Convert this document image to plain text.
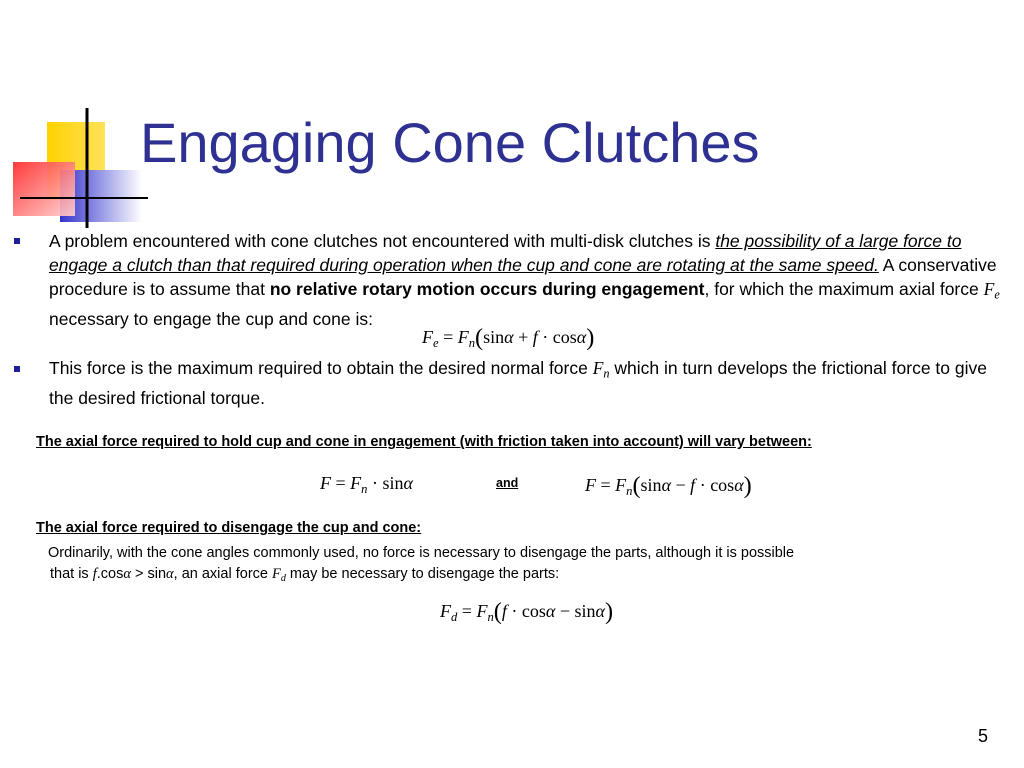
Engaging Cone Clutches
A problem encountered with cone clutches not encountered with multi-disk clutches is the possibility of a large force to engage a clutch than that required during operation when the cup and cone are rotating at the same speed. A conservative procedure is to assume that no relative rotary motion occurs during engagement, for which the maximum axial force $F_e$ necessary to engage the cup and cone is:
$F_e = F_n(\sin\alpha + f \cdot \cos\alpha)$
This force is the maximum required to obtain the desired normal force $F_n$ which in turn develops the frictional force to give the desired frictional torque.
The axial force required to hold cup and cone in engagement (with friction taken into account) will vary between:
$F = F_n \cdot \sin\alpha$	and	$F = F_n(\sin\alpha - f \cdot \cos\alpha)$
The axial force required to disengage the cup and cone:
Ordinarily, with the cone angles commonly used, no force is necessary to disengage the parts, although it is possible
that is f.cosα > sinα, an axial force $F_d$ may be necessary to disengage the parts:
$F_d = F_n(f \cdot \cos\alpha - \sin\alpha)$
5
